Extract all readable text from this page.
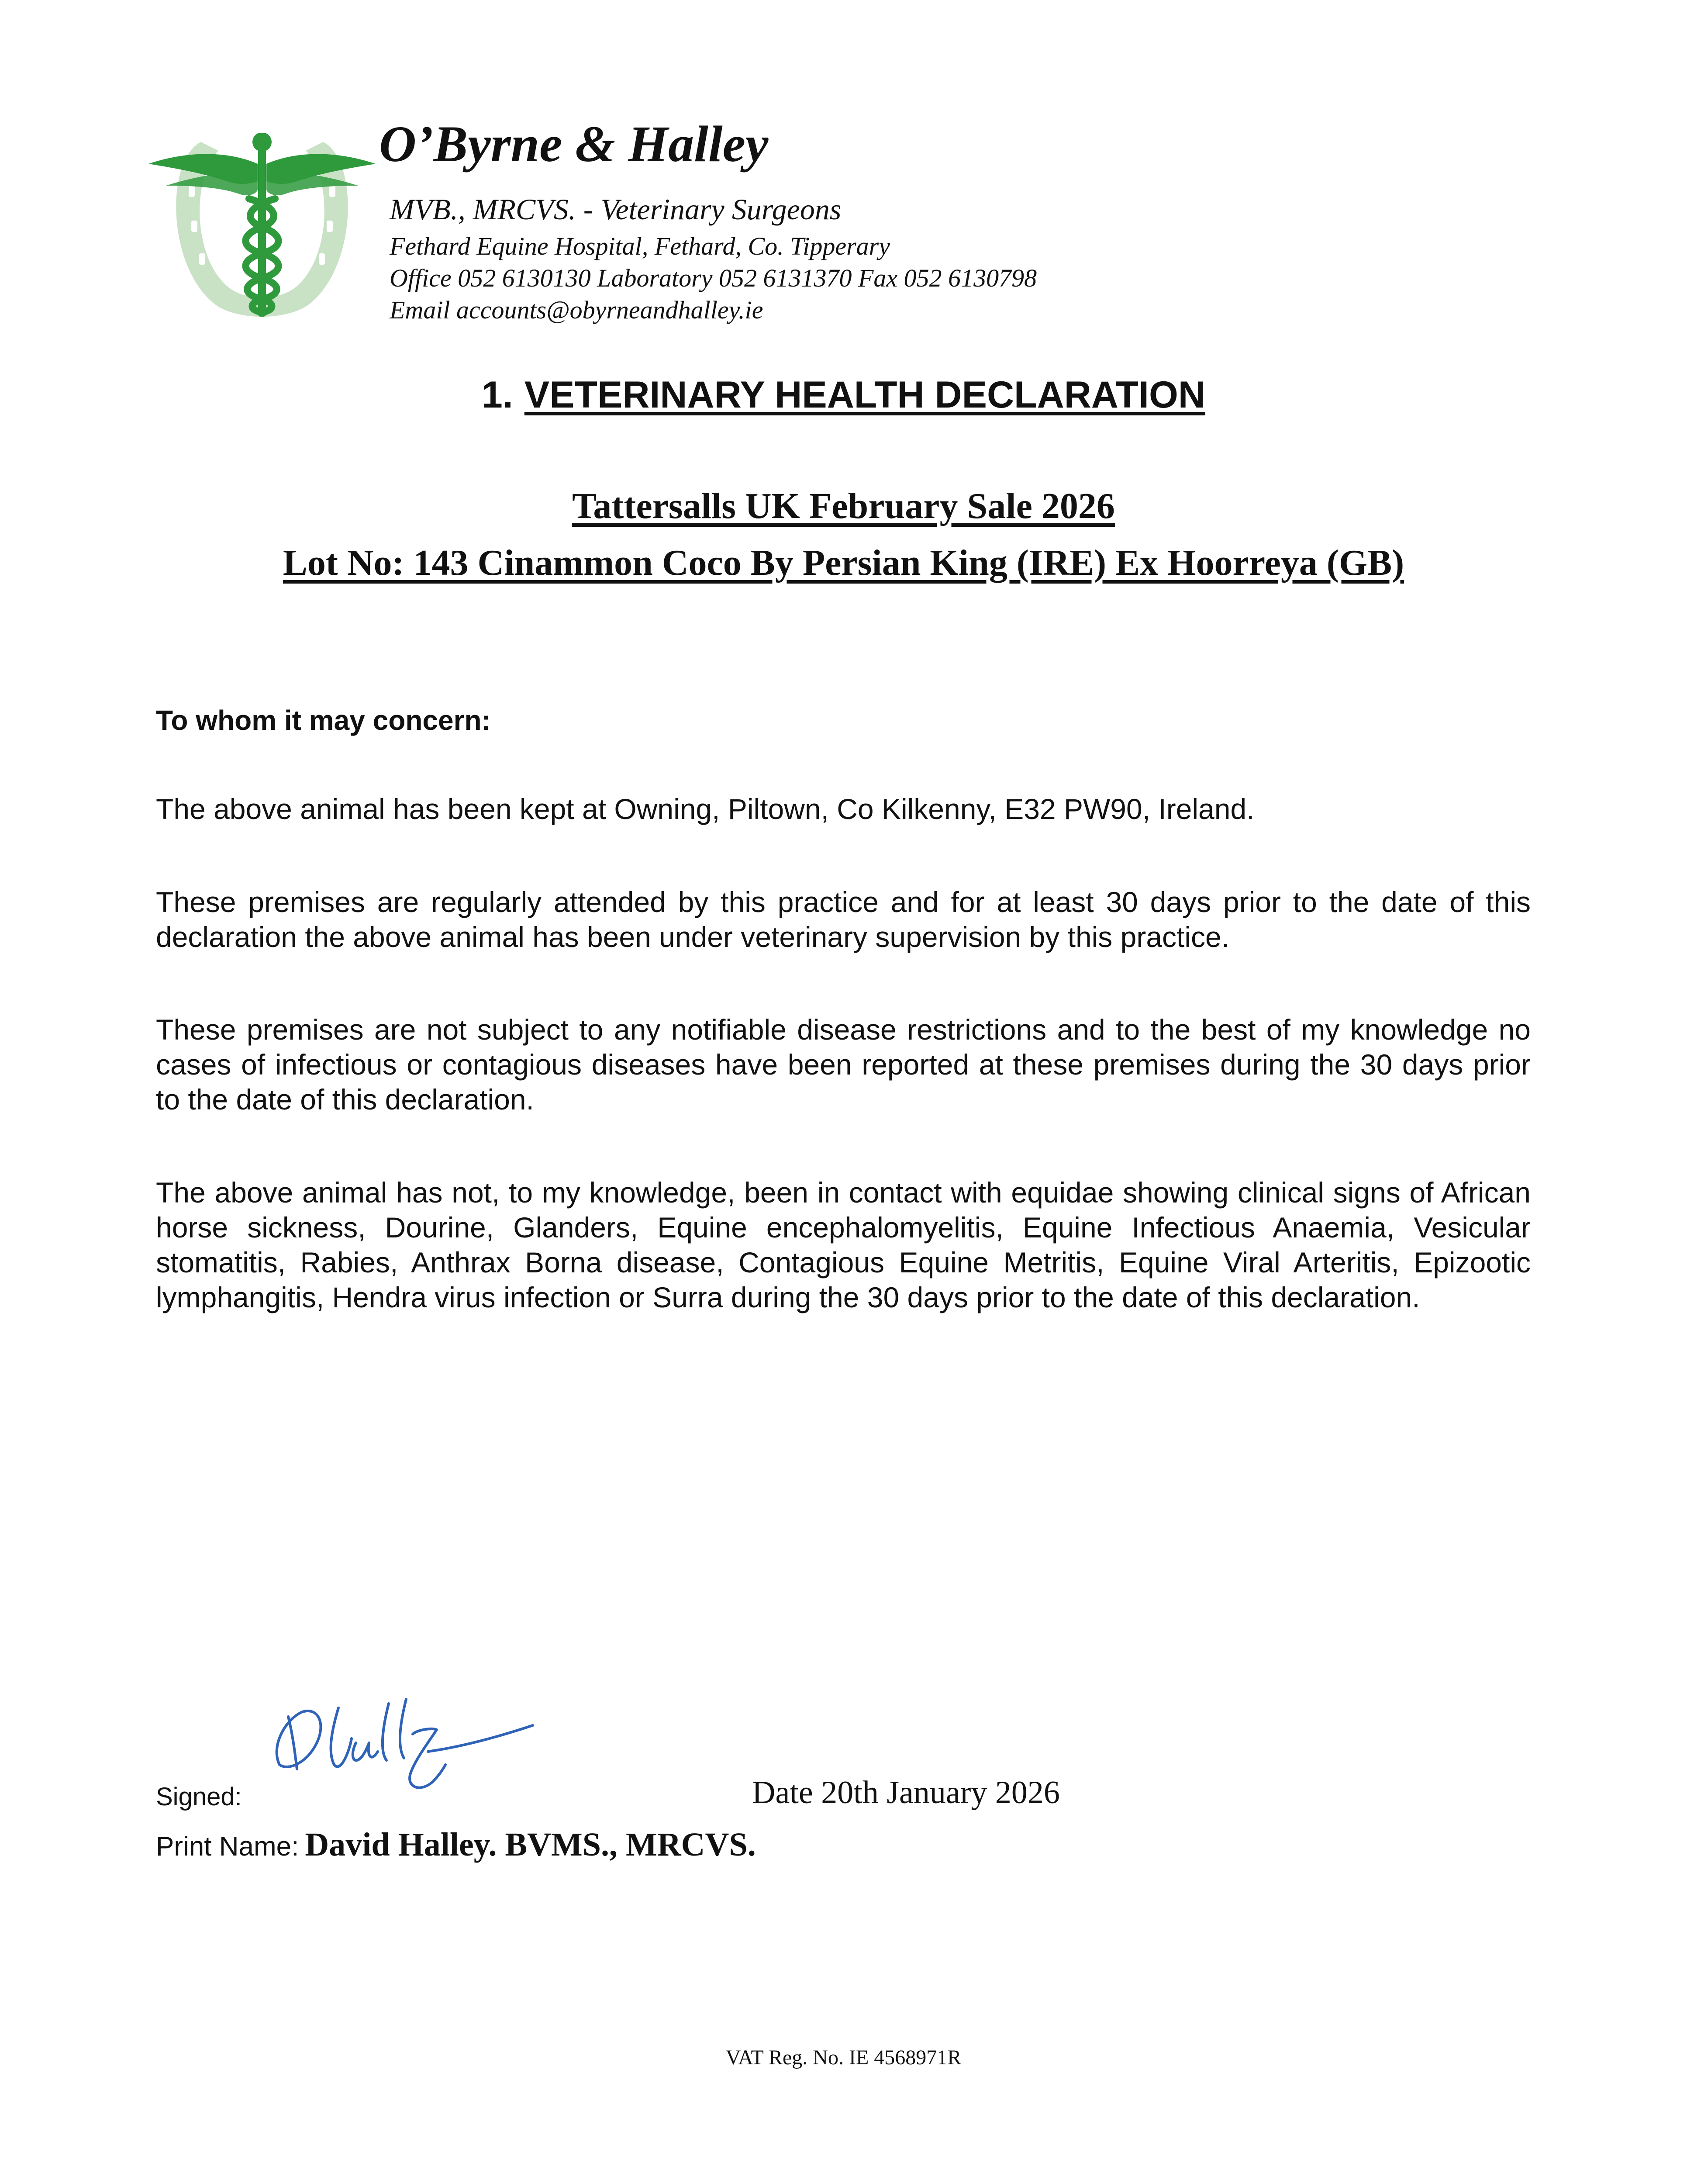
O’Byrne & Halley
MVB., MRCVS. - Veterinary Surgeons
Fethard Equine Hospital, Fethard, Co. Tipperary
Office 052 6130130 Laboratory 052 6131370 Fax 052 6130798
Email accounts@obyrneandhalley.ie
1. VETERINARY HEALTH DECLARATION
Tattersalls UK February Sale 2026
Lot No: 143 Cinammon Coco By Persian King (IRE) Ex Hoorreya (GB)
To whom it may concern:
The above animal has been kept at Owning, Piltown, Co Kilkenny, E32 PW90, Ireland.
These premises are regularly attended by this practice and for at least 30 days prior to the date of this declaration the above animal has been under veterinary supervision by this practice.
These premises are not subject to any notifiable disease restrictions and to the best of my knowledge no cases of infectious or contagious diseases have been reported at these premises during the 30 days prior to the date of this declaration.
The above animal has not, to my knowledge, been in contact with equidae showing clinical signs of African horse sickness, Dourine, Glanders, Equine encephalomyelitis, Equine Infectious Anaemia, Vesicular stomatitis, Rabies, Anthrax Borna disease, Contagious Equine Metritis, Equine Viral Arteritis, Epizootic lymphangitis, Hendra virus infection or Surra during the 30 days prior to the date of this declaration.
Signed:	Date 20th January 2026
Print Name: David Halley. BVMS., MRCVS.
VAT Reg. No. IE 4568971R
